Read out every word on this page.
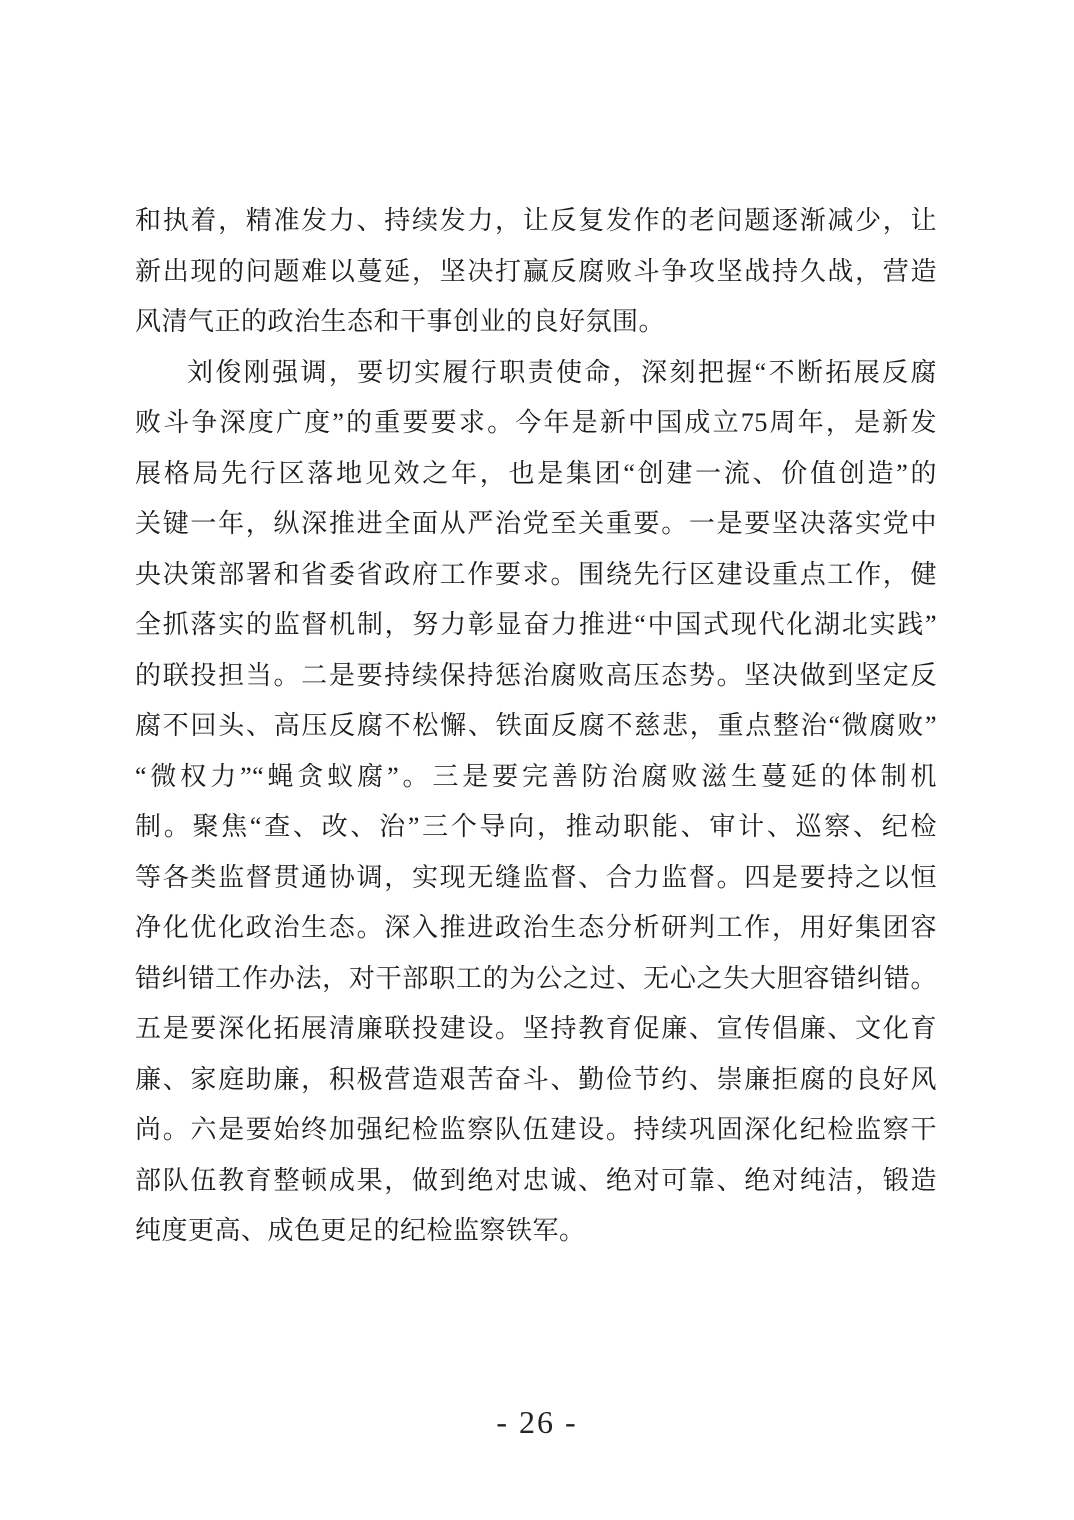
和执着，精准发力、持续发力，让反复发作的老问题逐渐减少，让
新出现的问题难以蔓延，坚决打赢反腐败斗争攻坚战持久战，营造
风清气正的政治生态和干事创业的良好氛围。
刘俊刚强调，要切实履行职责使命，深刻把握“不断拓展反腐
败斗争深度广度”的重要要求。今年是新中国成立75周年，是新发
展格局先行区落地见效之年，也是集团“创建一流、价值创造”的
关键一年，纵深推进全面从严治党至关重要。一是要坚决落实党中
央决策部署和省委省政府工作要求。围绕先行区建设重点工作，健
全抓落实的监督机制，努力彰显奋力推进“中国式现代化湖北实践”
的联投担当。二是要持续保持惩治腐败高压态势。坚决做到坚定反
腐不回头、高压反腐不松懈、铁面反腐不慈悲，重点整治“微腐败”
“微权力”“蝇贪蚁腐”。三是要完善防治腐败滋生蔓延的体制机
制。聚焦“查、改、治”三个导向，推动职能、审计、巡察、纪检
等各类监督贯通协调，实现无缝监督、合力监督。四是要持之以恒
净化优化政治生态。深入推进政治生态分析研判工作，用好集团容
错纠错工作办法，对干部职工的为公之过、无心之失大胆容错纠错。
五是要深化拓展清廉联投建设。坚持教育促廉、宣传倡廉、文化育
廉、家庭助廉，积极营造艰苦奋斗、勤俭节约、崇廉拒腐的良好风
尚。六是要始终加强纪检监察队伍建设。持续巩固深化纪检监察干
部队伍教育整顿成果，做到绝对忠诚、绝对可靠、绝对纯洁，锻造
纯度更高、成色更足的纪检监察铁军。
- 26 -
